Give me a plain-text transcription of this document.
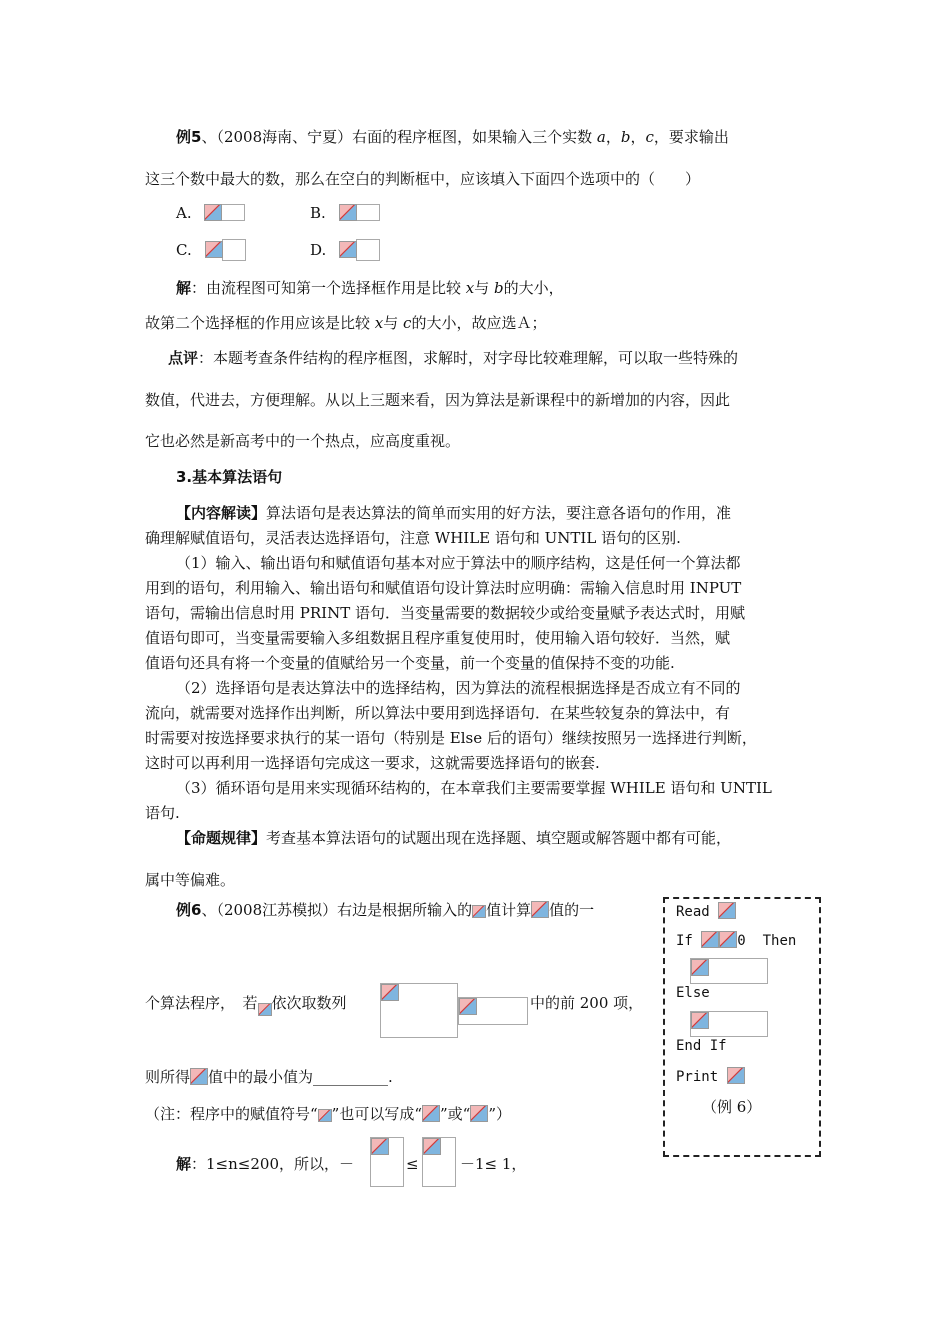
例5、（2008海南、宁夏）右面的程序框图，如果输入三个实数 a，b，c，要求输出
这三个数中最大的数，那么在空白的判断框中，应该填入下面四个选项中的（　　）
A.	B.
C.	D.
解：由流程图可知第一个选择框作用是比较 x与 b的大小，
故第二个选择框的作用应该是比较 x与 c的大小，故应选Ａ；
点评：本题考查条件结构的程序框图，求解时，对字母比较难理解，可以取一些特殊的
数值，代进去，方便理解。从以上三题来看，因为算法是新课程中的新增加的内容，因此
它也必然是新高考中的一个热点，应高度重视。
3.基本算法语句
【内容解读】算法语句是表达算法的简单而实用的好方法，要注意各语句的作用，准
确理解赋值语句，灵活表达选择语句，注意 WHILE 语句和 UNTIL 语句的区别.
（1）输入、输出语句和赋值语句基本对应于算法中的顺序结构，这是任何一个算法都
用到的语句，利用输入、输出语句和赋值语句设计算法时应明确：需输入信息时用 INPUT
语句，需输出信息时用 PRINT 语句．当变量需要的数据较少或给变量赋予表达式时，用赋
值语句即可，当变量需要输入多组数据且程序重复使用时，使用输入语句较好．当然，赋
值语句还具有将一个变量的值赋给另一个变量，前一个变量的值保持不变的功能.
（2）选择语句是表达算法中的选择结构，因为算法的流程根据选择是否成立有不同的
流向，就需要对选择作出判断，所以算法中要用到选择语句．在某些较复杂的算法中，有
时需要对按选择要求执行的某一语句（特别是 Else 后的语句）继续按照另一选择进行判断，
这时可以再利用一选择语句完成这一要求，这就需要选择语句的嵌套.
（3）循环语句是用来实现循环结构的，在本章我们主要需要掌握 WHILE 语句和 UNTIL
语句.
【命题规律】考查基本算法语句的试题出现在选择题、填空题或解答题中都有可能，
属中等偏难。
例6、（2008江苏模拟）右边是根据所输入的 值计算 值的一
个算法程序，　若 依次取数列	中的前 200 项，
则所得 值中的最小值为__________.
（注：程序中的赋值符号“ ”也可以写成“ ”或“ ”）
解：1≤n≤200，所以，－	≤	－1≤ 1，
Read
If	0 Then
Else
End If
Print
（例 6）
